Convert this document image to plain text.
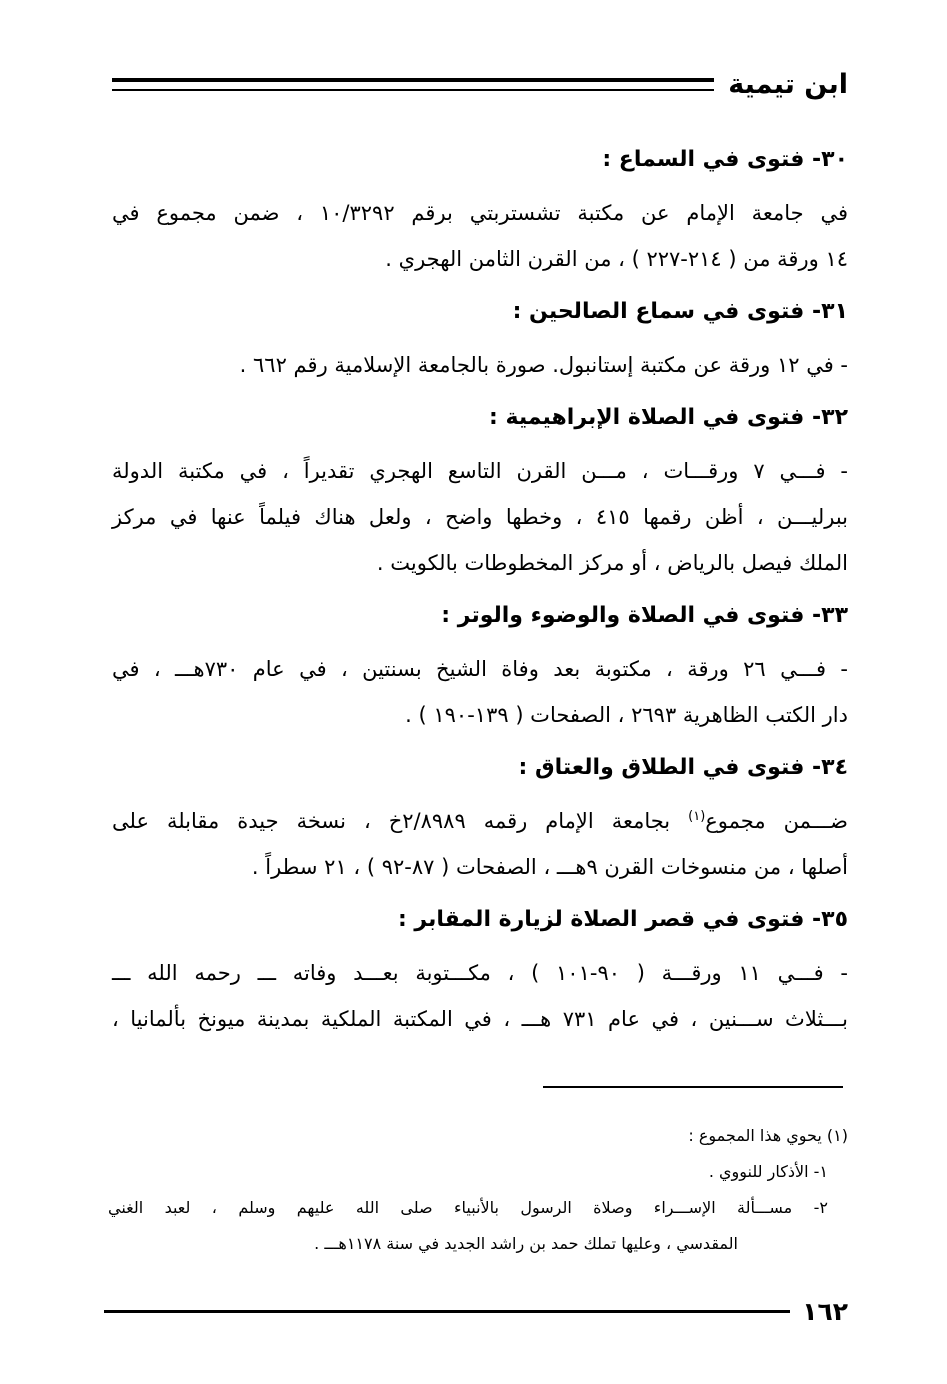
ابن تيمية
٣٠- فتوى في السماع :
في جامعة الإمام عن مكتبة تشستربتي برقم ١٠/٣٢٩٢ ، ضمن مجموع في
١٤ ورقة من ( ٢١٤-٢٢٧ ) ، من القرن الثامن الهجري .
٣١- فتوى في سماع الصالحين :
- في ١٢ ورقة عن مكتبة إستانبول. صورة بالجامعة الإسلامية رقم ٦٦٢ .
٣٢- فتوى في الصلاة الإبراهيمية :
- فـــي ٧ ورقـــات ، مـــن القرن التاسع الهجري تقديراً ، في مكتبة الدولة
ببرليـــن ، أظن رقمها ٤١٥ ، وخطها واضح ، ولعل هناك فيلماً عنها في مركز
الملك فيصل بالرياض ، أو مركز المخطوطات بالكويت .
٣٣- فتوى في الصلاة والوضوء والوتر :
- فـــي ٢٦ ورقة ، مكتوبة بعد وفاة الشيخ بسنتين ، في عام ٧٣٠هـــ ، في
دار الكتب الظاهرية ٢٦٩٣ ، الصفحات ( ١٣٩-١٩٠ ) .
٣٤- فتوى في الطلاق والعتاق :
ضـــمن مجموع$^{(١)}$ بجامعة الإمام رقمه ٢/٨٩٨٩خ ، نسخة جيدة مقابلة على
أصلها ، من منسوخات القرن ٩هـــ ، الصفحات ( ٨٧-٩٢ ) ، ٢١ سطراً .
٣٥- فتوى في قصر الصلاة لزيارة المقابر :
- فـــي ١١ ورقـــة ( ٩٠-١٠١ ) ، مكـــتوبة بعـــد وفاته ـــ رحمه الله ـــ
بـــثلاث ســـنين ، في عام ٧٣١ هـــ ، في المكتبة الملكية بمدينة ميونخ بألمانيا ،
(١) يحوي هذا المجموع :
١- الأذكار للنووي .
٢- مســـألة الإســـراء وصلاة الرسول بالأنبياء صلى الله عليهم وسلم ، لعبد الغني
المقدسي ، وعليها تملك حمد بن راشد الجديد في سنة ١١٧٨هـــ .
١٦٢
